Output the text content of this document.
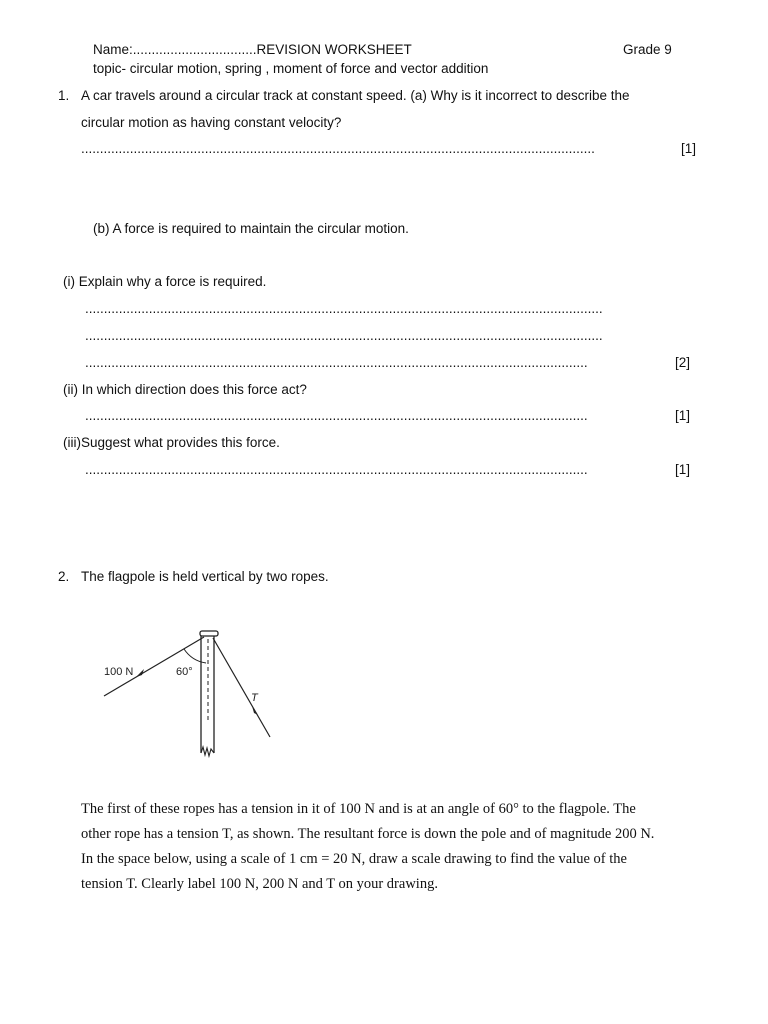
Name:.................................REVISION WORKSHEET	Grade 9
topic- circular motion, spring , moment of force and vector addition
1. A car travels around a circular track at constant speed. (a) Why is it incorrect to describe the
circular motion as having constant velocity?
.........................................................................................................................................	[1]
(b) A force is required to maintain the circular motion.
(i) Explain why a force is required.
..........................................................................................................................................
..........................................................................................................................................
......................................................................................................................................	[2]
(ii) In which direction does this force act?
......................................................................................................................................	[1]
(iii)Suggest what provides this force.
......................................................................................................................................	[1]
2. The flagpole is held vertical by two ropes.
100 N	60°
T
The first of these ropes has a tension in it of 100 N and is at an angle of 60° to the flagpole. The
other rope has a tension T, as shown. The resultant force is down the pole and of magnitude 200 N.
In the space below, using a scale of 1 cm = 20 N, draw a scale drawing to find the value of the
tension T. Clearly label 100 N, 200 N and T on your drawing.
